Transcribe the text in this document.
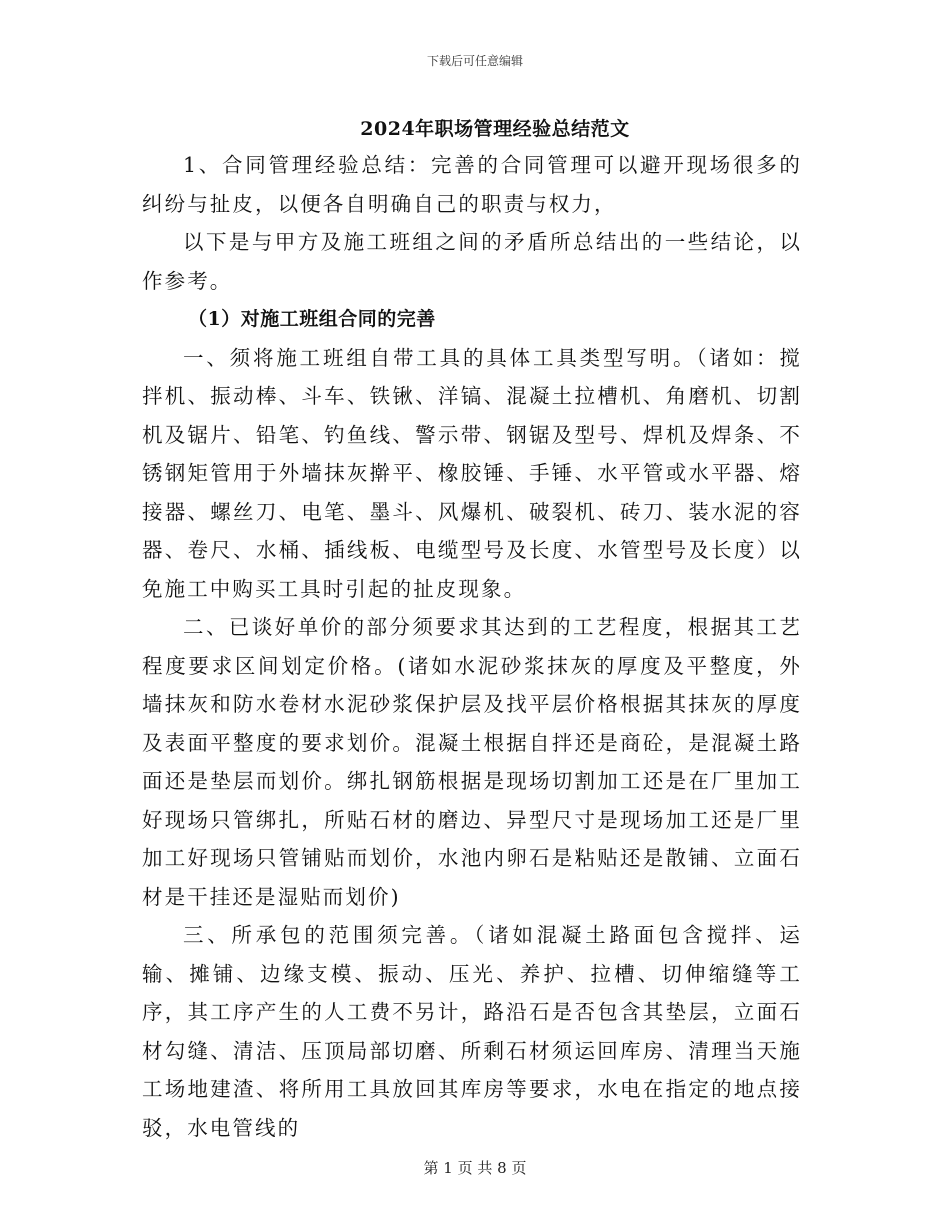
下载后可任意编辑
2024年职场管理经验总结范文

1、合同管理经验总结：完善的合同管理可以避开现场很多的纠纷与扯皮，以便各自明确自己的职责与权力，

以下是与甲方及施工班组之间的矛盾所总结出的一些结论，以作参考。

（1）对施工班组合同的完善

一、须将施工班组自带工具的具体工具类型写明。（诸如：搅拌机、振动棒、斗车、铁锹、洋镐、混凝土拉槽机、角磨机、切割机及锯片、铅笔、钓鱼线、警示带、钢锯及型号、焊机及焊条、不锈钢矩管用于外墙抹灰擀平、橡胶锤、手锤、水平管或水平器、熔接器、螺丝刀、电笔、墨斗、风爆机、破裂机、砖刀、装水泥的容器、卷尺、水桶、插线板、电缆型号及长度、水管型号及长度）以免施工中购买工具时引起的扯皮现象。

二、已谈好单价的部分须要求其达到的工艺程度，根据其工艺程度要求区间划定价格。(诸如水泥砂浆抹灰的厚度及平整度，外墙抹灰和防水卷材水泥砂浆保护层及找平层价格根据其抹灰的厚度及表面平整度的要求划价。混凝土根据自拌还是商砼，是混凝土路面还是垫层而划价。绑扎钢筋根据是现场切割加工还是在厂里加工好现场只管绑扎，所贴石材的磨边、异型尺寸是现场加工还是厂里加工好现场只管铺贴而划价，水池内卵石是粘贴还是散铺、立面石材是干挂还是湿贴而划价)

三、所承包的范围须完善。（诸如混凝土路面包含搅拌、运输、摊铺、边缘支模、振动、压光、养护、拉槽、切伸缩缝等工序，其工序产生的人工费不另计，路沿石是否包含其垫层，立面石材勾缝、清洁、压顶局部切磨、所剩石材须运回库房、清理当天施工场地建渣、将所用工具放回其库房等要求，水电在指定的地点接驳，水电管线的

第 1 页 共 8 页
